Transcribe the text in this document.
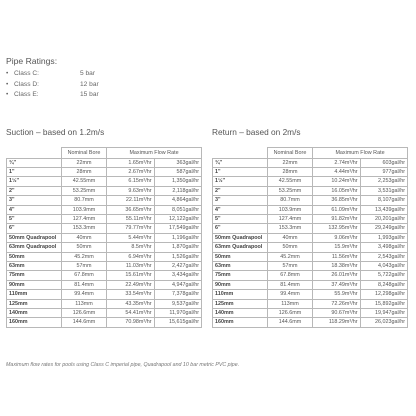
Pipe Ratings:
• Class C:	5 bar
• Class D:	12 bar
• Class E:	15 bar
Suction – based on 1.2m/s
	Nominal Bore	Maximum Flow Rate	
¾"	22mm	1.65m³/hr	363gal/hr
1"	28mm	2.67m³/hr	587gal/hr
1½"	42.55mm	6.15m³/hr	1,350gal/hr
2"	53.25mm	9.63m³/hr	2,118gal/hr
3"	80.7mm	22.11m³/hr	4,864gal/hr
4"	103.9mm	36.65m³/hr	8,051gal/hr
5"	127.4mm	55.11m³/hr	12,122gal/hr
6"	153.3mm	79.77m³/hr	17,549gal/hr
50mm Quadrapool	40mm	5.44m³/hr	1,196gal/hr
63mm Quadrapool	50mm	8.5m³/hr	1,870gal/hr
50mm	45.2mm	6.94m³/hr	1,526gal/hr
63mm	57mm	11.03m³/hr	2,427gal/hr
75mm	67.8mm	15.61m³/hr	3,434gal/hr
90mm	81.4mm	22.49m³/hr	4,947gal/hr
110mm	99.4mm	33.54m³/hr	7,378gal/hr
125mm	113mm	43.35m³/hr	9,537gal/hr
140mm	126.6mm	54.41m³/hr	11,970gal/hr
160mm	144.6mm	70.98m³/hr	15,615gal/hr
Return – based on 2m/s
	Nominal Bore	Maximum Flow Rate	
¾"	22mm	2.74m³/hr	603gal/hr
1"	28mm	4.44m³/hr	977gal/hr
1½"	42.55mm	10.24m³/hr	2,253gal/hr
2"	53.25mm	16.05m³/hr	3,531gal/hr
3"	80.7mm	36.85m³/hr	8,107gal/hr
4"	103.9mm	61.09m³/hr	13,439gal/hr
5"	127.4mm	91.82m³/hr	20,201gal/hr
6"	153.3mm	132.95m³/hr	29,249gal/hr
50mm Quadrapool	40mm	9.06m³/hr	1,993gal/hr
63mm Quadrapool	50mm	15.9m³/hr	3,498gal/hr
50mm	45.2mm	11.56m³/hr	2,543gal/hr
63mm	57mm	18.38m³/hr	4,043gal/hr
75mm	67.8mm	26.01m³/hr	5,722gal/hr
90mm	81.4mm	37.49m³/hr	8,248gal/hr
110mm	99.4mm	55.9m³/hr	12,298gal/hr
125mm	113mm	72.26m³/hr	15,892gal/hr
140mm	126.6mm	90.67m³/hr	19,947gal/hr
160mm	144.6mm	118.29m³/hr	26,023gal/hr
Maximum flow rates for pools using Class C imperial pipe, Quadrapool and 10 bar metric PVC pipe.
